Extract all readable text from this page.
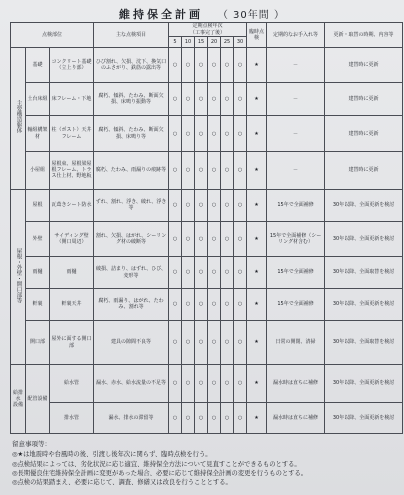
維持保全計画 （ 30年間 ）
点検部位			主な点検項目	定期点検年次
（工事完了後）						臨時点検	定期的なお手入れ等	更新・取替の時期、内容等
				5	10	15	20	25	30			
主要構造躯体	基礎	コンクリート基礎（立上り部）	ひび割れ、欠損、沈下、換気口のふさがり、鉄筋の露出等	○	○	○	○	○	○	★	－	建替時に更新
	土台床組	床フレーム・下地	腐朽、傾斜、たわみ、断面欠損、床鳴り振動等	○	○	○	○	○	○	★	－	建替時に更新
	軸組構架材	柱（ポスト）天井フレーム	腐朽、傾斜、たわみ、断面欠損、床鳴り等	○	○	○	○	○	○	★	－	建替時に更新
	小屋組	屋根束、屋根梁屋根フレーム、トラス仕上材、野地板	腐朽、たわみ、雨漏りの痕跡等	○	○	○	○	○	○	★	－	建替時に更新
屋根・外壁・開口部等	屋根	瓦葺きシート防水	ずれ、割れ、浮き、破れ、浮き等	○	○	○	○	○	○	★	15年で全面補修	30年以降、全面更新を検討
	外壁	サイディング壁（開口周辺）	割れ、欠損、はがれ、シーリング材の破断等	○	○	○	○	○	○	★	15年で全面補修（シーリング材含む）	30年以降、全面更新を検討
	雨樋	雨樋	破損、詰まり、はずれ、ひび、変形等	○	○	○	○	○	○	★	15年で全面補修	30年以降、全面取替を検討
	軒裏	軒裏天井	腐朽、雨漏り、はがれ、たわみ、割れ等	○	○	○	○	○	○	★	15年で全面補修	30年以降、全面更新を検討
	開口部	屋外に面する開口部	建具の隙間不良等	○	○	○	○	○	○	★	日常の開閉、清掃	30年以降、全面取替を検討

給排水
設備	配管設備	給水管	漏水、赤水、給水流量の不足等	○	○	○	○	○	○	★	漏水時は直ちに補修	30年以降、全面更新を検討
		排水管	漏水、排水の滞留等	○	○	○	○	○	○	★	漏水時は直ちに補修	30年以降、全面更新を検討
留意事項等：
◎★は地震時や台風時の後、引渡し後年次に関らず、臨時点検を行う。
◎点検結果によっては、劣化状況に応じ適宜、維持保全方法について見直すことができるものとする。
◎長期優良住宅維持保全計画に変更があった場合、必要に応じて維持保全計画の変更を行うものとする。
◎点検の結果踏まえ、必要に応じて、調査、修繕又は改良を行うこととする。
